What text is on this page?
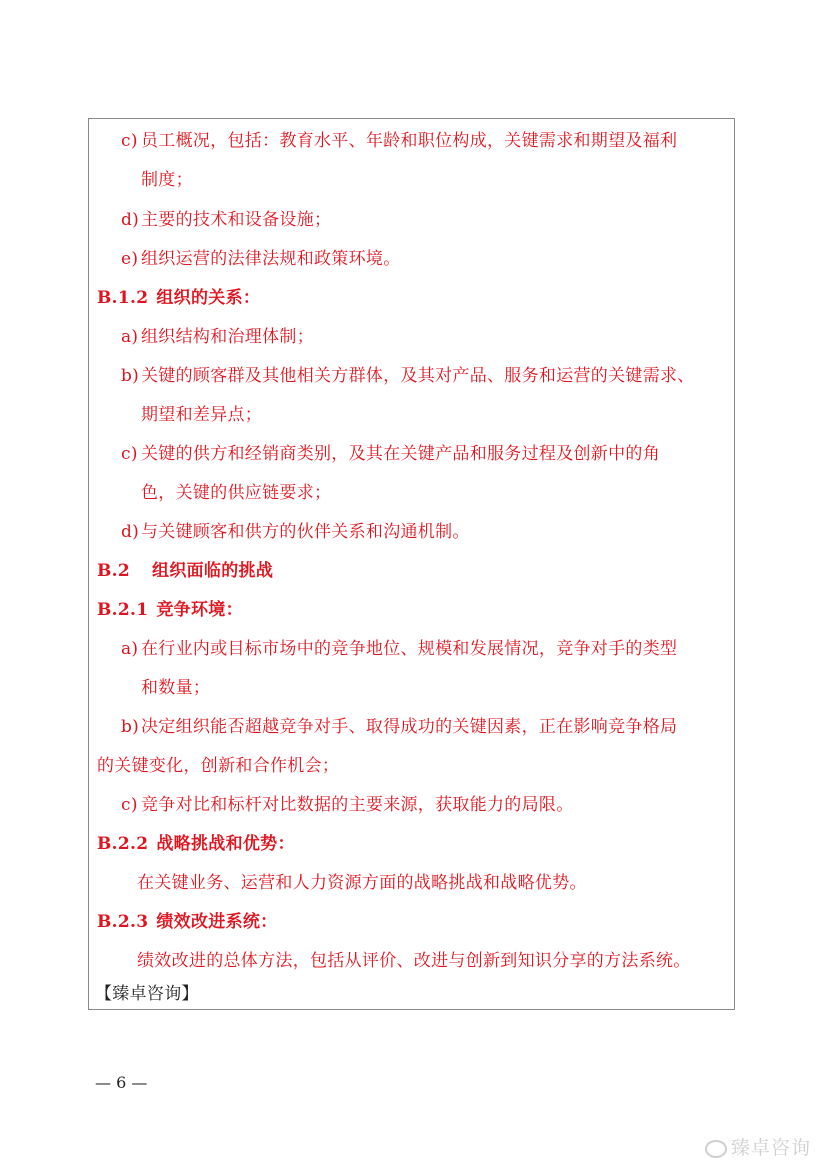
c) 员工概况，包括：教育水平、年龄和职位构成，关键需求和期望及福利
制度；
d) 主要的技术和设备设施；
e) 组织运营的法律法规和政策环境。
B.1.2 组织的关系：
a) 组织结构和治理体制；
b) 关键的顾客群及其他相关方群体，及其对产品、服务和运营的关键需求、
期望和差异点；
c) 关键的供方和经销商类别，及其在关键产品和服务过程及创新中的角
色，关键的供应链要求；
d) 与关键顾客和供方的伙伴关系和沟通机制。
B.2 组织面临的挑战
B.2.1 竞争环境：
a) 在行业内或目标市场中的竞争地位、规模和发展情况，竞争对手的类型
和数量；
b) 决定组织能否超越竞争对手、取得成功的关键因素，正在影响竞争格局
的关键变化，创新和合作机会；
c) 竞争对比和标杆对比数据的主要来源，获取能力的局限。
B.2.2 战略挑战和优势：
在关键业务、运营和人力资源方面的战略挑战和战略优势。
B.2.3 绩效改进系统：
绩效改进的总体方法，包括从评价、改进与创新到知识分享的方法系统。
【臻卓咨询】
— 6 —
臻卓咨询
